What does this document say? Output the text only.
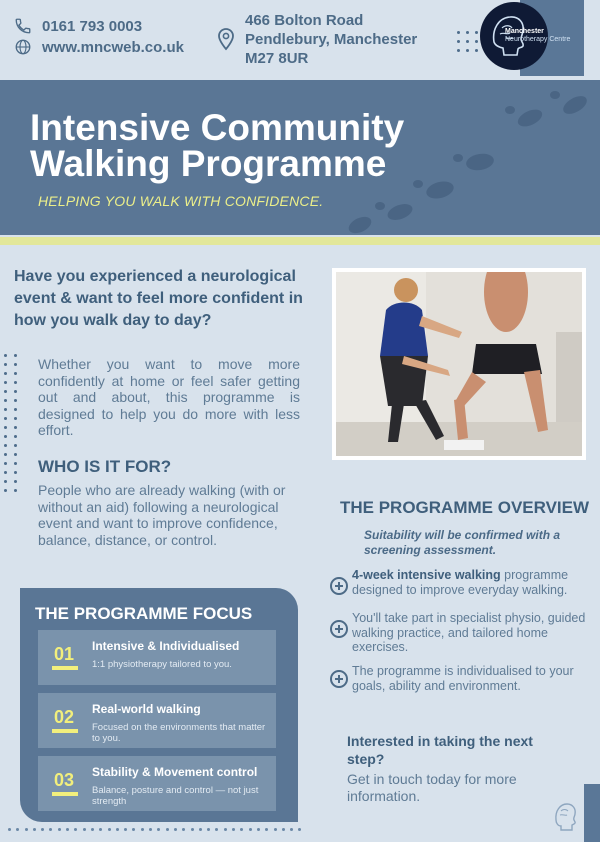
0161 793 0003
www.mncweb.co.uk
466 Bolton Road
Pendlebury, Manchester
M27 8UR
Manchester
Neurotherapy Centre
Intensive Community
Walking Programme
HELPING YOU WALK WITH CONFIDENCE.
Have you experienced a neurological event & want to feel more confident in how you walk day to day?
Whether you want to move more confidently at home or feel safer getting out and about, this programme is designed to help you do more with less effort.
WHO IS IT FOR?
People who are already walking (with or without an aid) following a neurological event and want to improve confidence, balance, distance, or control.
THE PROGRAMME OVERVIEW
Suitability will be confirmed with a screening assessment.
4-week intensive walking programme designed to improve everyday walking.
You'll take part in specialist physio, guided walking practice, and tailored home exercises.
The programme is individualised to your goals, ability and environment.
Interested in taking the next step?
Get in touch today for more information.
THE PROGRAMME FOCUS
01 Intensive & Individualised
1:1 physiotherapy tailored to you.
02 Real-world walking
Focused on the environments that matter to you.
03 Stability & Movement control
Balance, posture and control — not just strength
